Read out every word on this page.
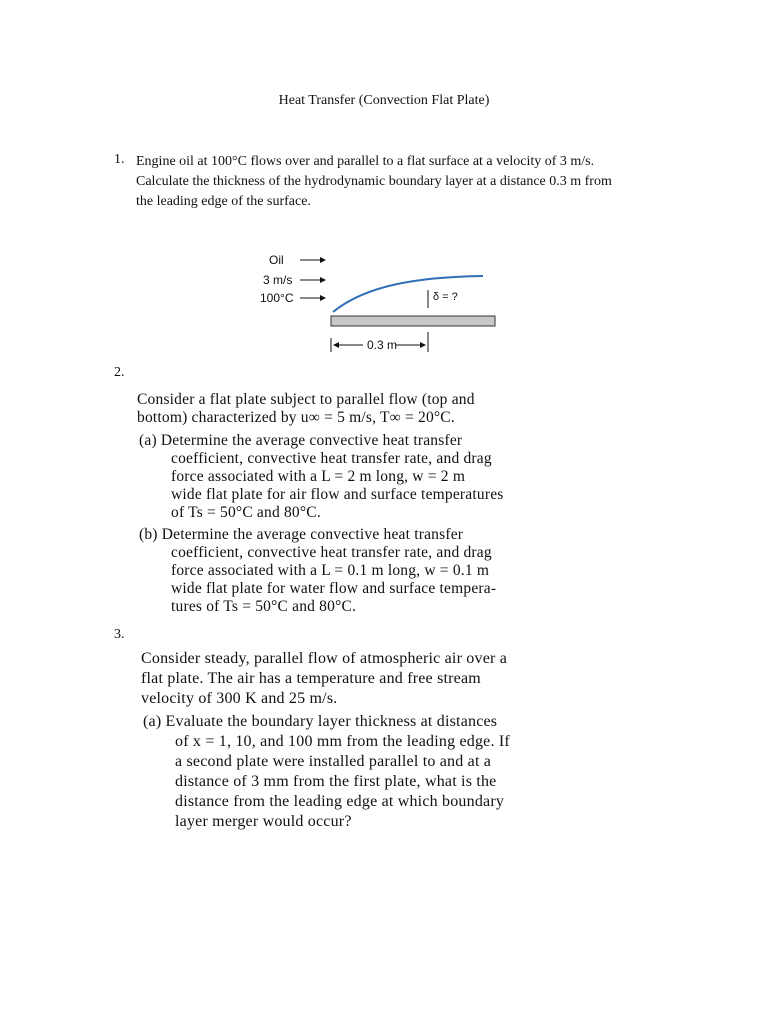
Heat Transfer (Convection Flat Plate)
1. Engine oil at 100°C flows over and parallel to a flat surface at a velocity of 3 m/s.
Calculate the thickness of the hydrodynamic boundary layer at a distance 0.3 m from
the leading edge of the surface.
Oil
3 m/s
100°C	δ = ?
0.3 m
2.
Consider a flat plate subject to parallel flow (top and
bottom) characterized by u∞ = 5 m/s, T∞ = 20°C.
(a) Determine the average convective heat transfer
coefficient, convective heat transfer rate, and drag
force associated with a L = 2 m long, w = 2 m
wide flat plate for air flow and surface temperatures
of Ts = 50°C and 80°C.
(b) Determine the average convective heat transfer
coefficient, convective heat transfer rate, and drag
force associated with a L = 0.1 m long, w = 0.1 m
wide flat plate for water flow and surface tempera-
tures of Ts = 50°C and 80°C.
3.
Consider steady, parallel flow of atmospheric air over a
flat plate. The air has a temperature and free stream
velocity of 300 K and 25 m/s.
(a) Evaluate the boundary layer thickness at distances
of x = 1, 10, and 100 mm from the leading edge. If
a second plate were installed parallel to and at a
distance of 3 mm from the first plate, what is the
distance from the leading edge at which boundary
layer merger would occur?
